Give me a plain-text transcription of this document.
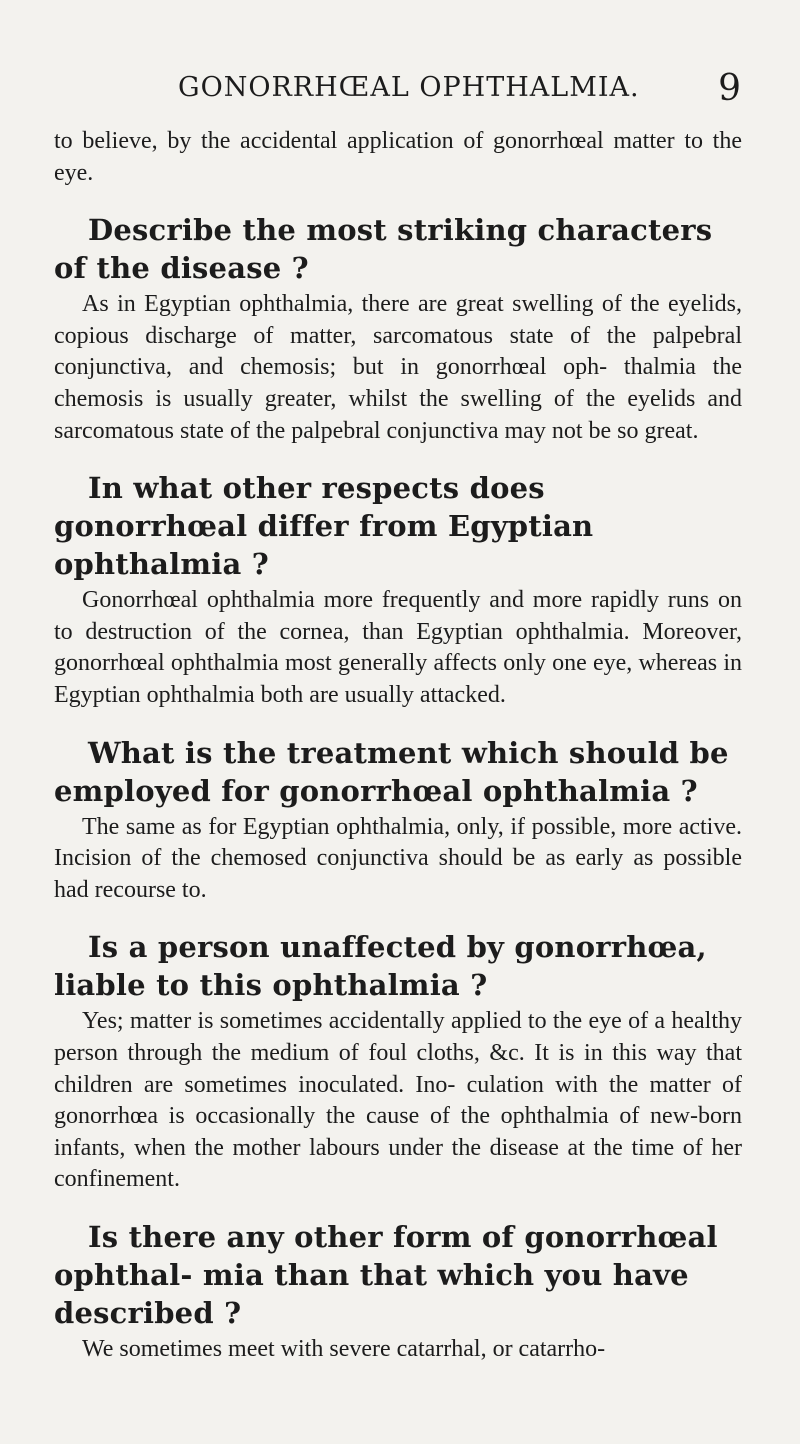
GONORRHŒAL OPHTHALMIA. 9

to believe, by the accidental application of gonorrhœal matter to the eye.

Describe the most striking characters of the disease ?

As in Egyptian ophthalmia, there are great swelling of the eyelids, copious discharge of matter, sarcomatous state of the palpebral conjunctiva, and chemosis; but in gonorrhœal oph- thalmia the chemosis is usually greater, whilst the swelling of the eyelids and sarcomatous state of the palpebral conjunctiva may not be so great.

In what other respects does gonorrhœal differ from Egyptian ophthalmia ?

Gonorrhœal ophthalmia more frequently and more rapidly runs on to destruction of the cornea, than Egyptian ophthalmia. Moreover, gonorrhœal ophthalmia most generally affects only one eye, whereas in Egyptian ophthalmia both are usually attacked.

What is the treatment which should be employed for gonorrhœal ophthalmia ?

The same as for Egyptian ophthalmia, only, if possible, more active. Incision of the chemosed conjunctiva should be as early as possible had recourse to.

Is a person unaffected by gonorrhœa, liable to this ophthalmia ?

Yes; matter is sometimes accidentally applied to the eye of a healthy person through the medium of foul cloths, &c. It is in this way that children are sometimes inoculated. Ino- culation with the matter of gonorrhœa is occasionally the cause of the ophthalmia of new-born infants, when the mother labours under the disease at the time of her confinement.

Is there any other form of gonorrhœal ophthal- mia than that which you have described ?

We sometimes meet with severe catarrhal, or catarrho-
